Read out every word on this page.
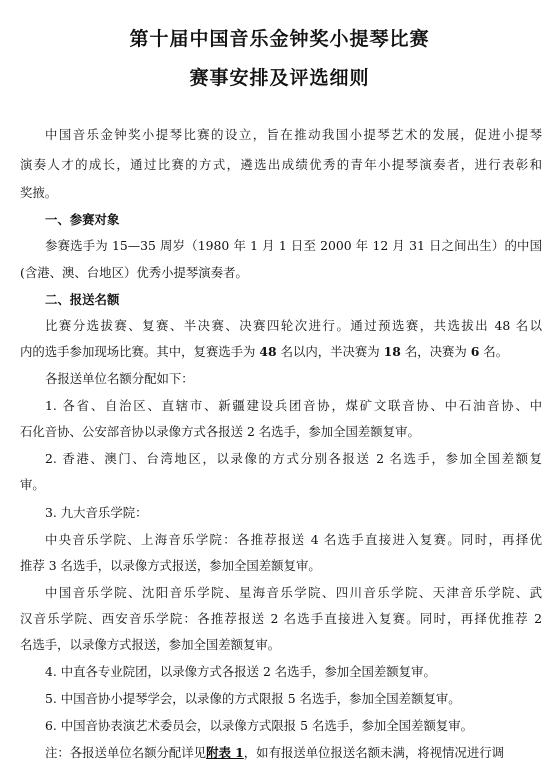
第十届中国音乐金钟奖小提琴比赛
赛事安排及评选细则

中国音乐金钟奖小提琴比赛的设立，旨在推动我国小提琴艺术的发展，促进小提琴

演奏人才的成长，通过比赛的方式，遴选出成绩优秀的青年小提琴演奏者，进行表彰和

奖掖。

一、参赛对象

参赛选手为 15—35 周岁（1980 年 1 月 1 日至 2000 年 12 月 31 日之间出生）的中国

(含港、澳、台地区）优秀小提琴演奏者。

二、报送名额

比赛分选拔赛、复赛、半决赛、决赛四轮次进行。通过预选赛，共选拔出 48 名以

内的选手参加现场比赛。其中，复赛选手为 48 名以内，半决赛为 18 名，决赛为 6 名。

各报送单位名额分配如下：

1. 各省、自治区、直辖市、新疆建设兵团音协，煤矿文联音协、中石油音协、中

石化音协、公安部音协以录像方式各报送 2 名选手，参加全国差额复审。

2. 香港、澳门、台湾地区，以录像的方式分别各报送 2 名选手，参加全国差额复

审。

3. 九大音乐学院：

中央音乐学院、上海音乐学院：各推荐报送 4 名选手直接进入复赛。同时，再择优

推荐 3 名选手，以录像方式报送，参加全国差额复审。

中国音乐学院、沈阳音乐学院、星海音乐学院、四川音乐学院、天津音乐学院、武

汉音乐学院、西安音乐学院：各推荐报送 2 名选手直接进入复赛。同时，再择优推荐 2

名选手，以录像方式报送，参加全国差额复审。

4. 中直各专业院团，以录像方式各报送 2 名选手，参加全国差额复审。

5. 中国音协小提琴学会，以录像的方式限报 5 名选手，参加全国差额复审。

6. 中国音协表演艺术委员会，以录像方式限报 5 名选手，参加全国差额复审。

注：各报送单位名额分配详见附表 1，如有报送单位报送名额未满，将视情况进行调
